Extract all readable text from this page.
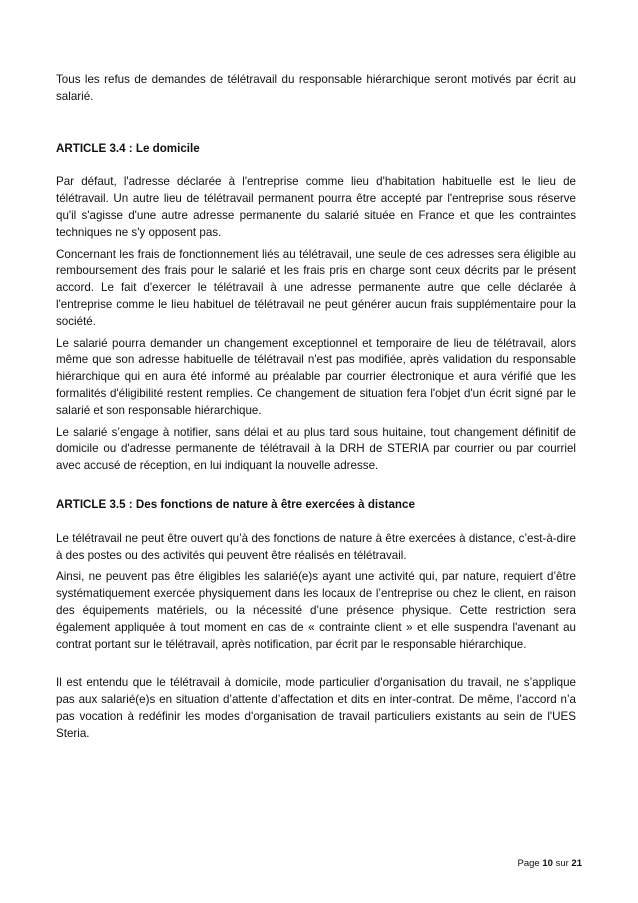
Tous les refus de demandes de télétravail du responsable hiérarchique seront motivés par écrit au salarié.

ARTICLE 3.4 : Le domicile

Par défaut, l'adresse déclarée à l'entreprise comme lieu d'habitation habituelle est le lieu de télétravail. Un autre lieu de télétravail permanent pourra être accepté par l'entreprise sous réserve qu'il s'agisse d'une autre adresse permanente du salarié située en France et que les contraintes techniques ne s'y opposent pas.

Concernant les frais de fonctionnement liés au télétravail, une seule de ces adresses sera éligible au remboursement des frais pour le salarié et les frais pris en charge sont ceux décrits par le présent accord. Le fait d'exercer le télétravail à une adresse permanente autre que celle déclarée à l'entreprise comme le lieu habituel de télétravail ne peut générer aucun frais supplémentaire pour la société.

Le salarié pourra demander un changement exceptionnel et temporaire de lieu de télétravail, alors même que son adresse habituelle de télétravail n'est pas modifiée, après validation du responsable hiérarchique qui en aura été informé au préalable par courrier électronique et aura vérifié que les formalités d'éligibilité restent remplies. Ce changement de situation fera l'objet d'un écrit signé par le salarié et son responsable hiérarchique.

Le salarié s’engage à notifier, sans délai et au plus tard sous huitaine, tout changement définitif de domicile ou d'adresse permanente de télétravail à la DRH de STERIA par courrier ou par courriel avec accusé de réception, en lui indiquant la nouvelle adresse.

ARTICLE 3.5 : Des fonctions de nature à être exercées à distance

Le télétravail ne peut être ouvert qu’à des fonctions de nature à être exercées à distance, c’est-à-dire à des postes ou des activités qui peuvent être réalisés en télétravail.

Ainsi, ne peuvent pas être éligibles les salarié(e)s ayant une activité qui, par nature, requiert d’être systématiquement exercée physiquement dans les locaux de l’entreprise ou chez le client, en raison des équipements matériels, ou la nécessité d’une présence physique. Cette restriction sera également appliquée à tout moment en cas de « contrainte client » et elle suspendra l'avenant au contrat portant sur le télétravail, après notification, par écrit par le responsable hiérarchique.

Il est entendu que le télétravail à domicile, mode particulier d'organisation du travail, ne s’applique pas aux salarié(e)s en situation d’attente d’affectation et dits en inter-contrat. De même, l’accord n’a pas vocation à redéfinir les modes d'organisation de travail particuliers existants au sein de l'UES Steria.

Page 10 sur 21
